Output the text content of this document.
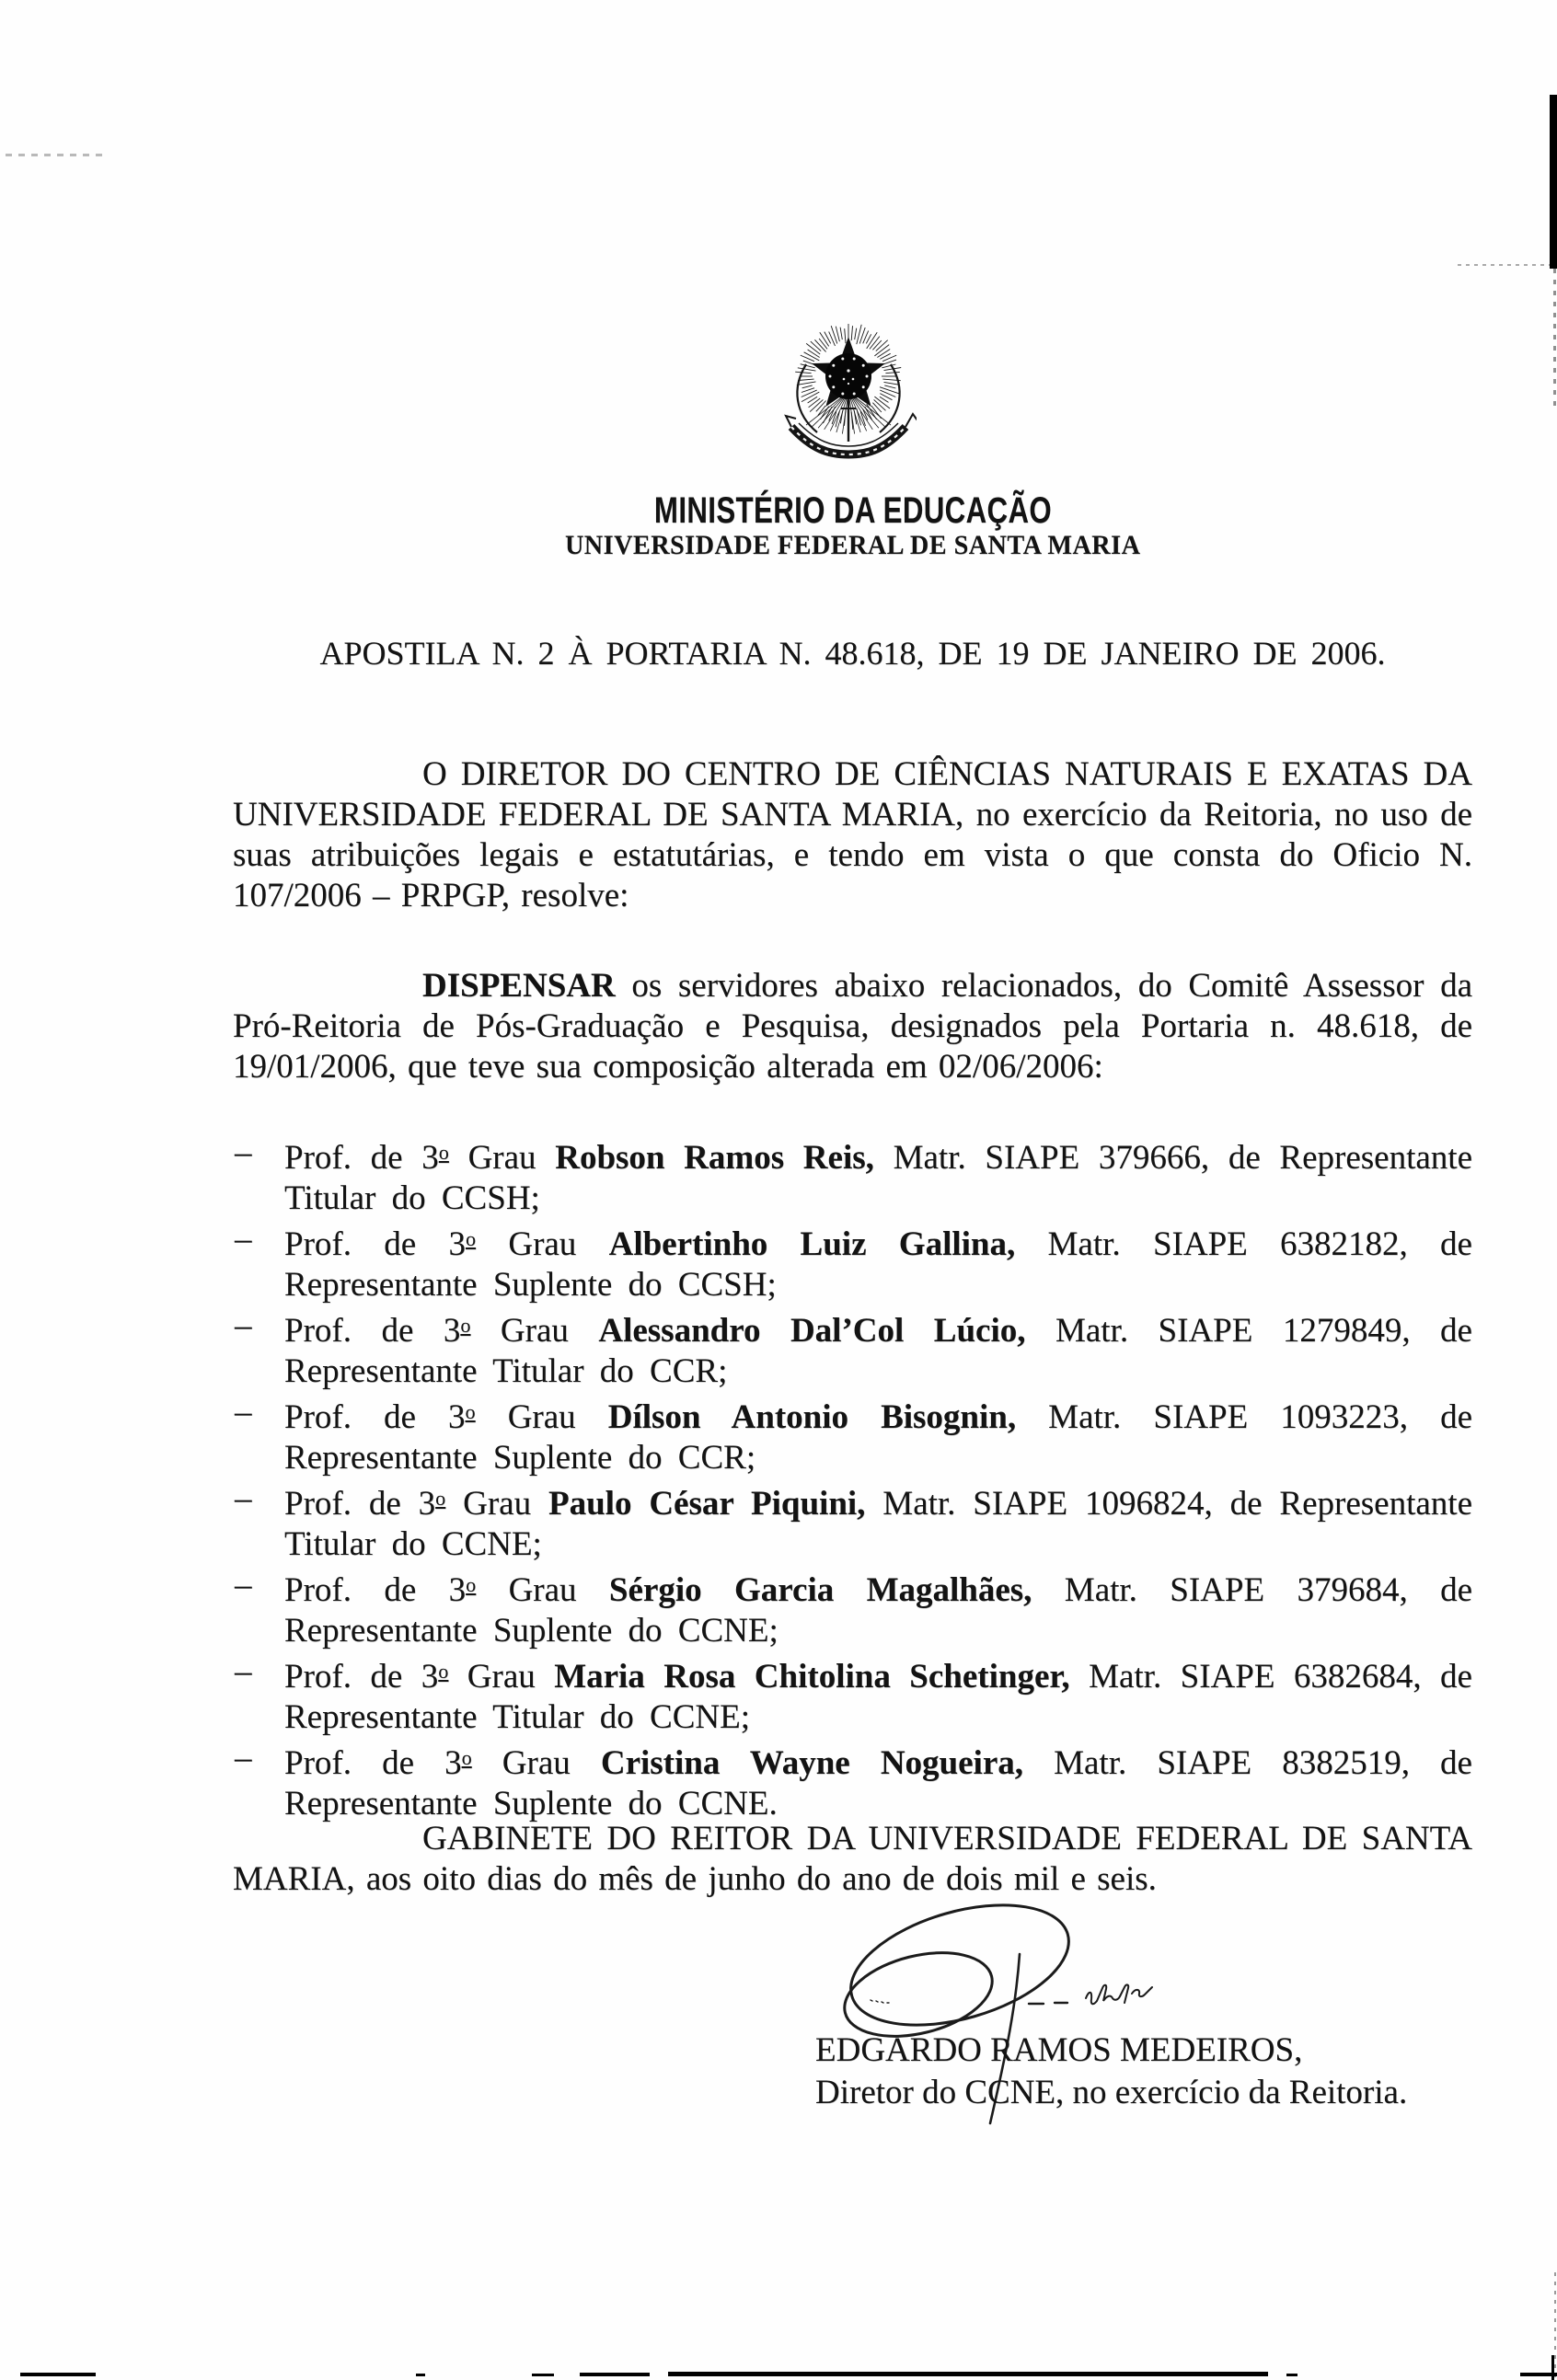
MINISTÉRIO DA EDUCAÇÃO
UNIVERSIDADE FEDERAL DE SANTA MARIA
APOSTILA N. 2 À PORTARIA N. 48.618, DE 19 DE JANEIRO DE 2006.

O DIRETOR DO CENTRO DE CIÊNCIAS NATURAIS E EXATAS DA UNIVERSIDADE FEDERAL DE SANTA MARIA, no exercício da Reitoria, no uso de suas atribuições legais e estatutárias, e tendo em vista o que consta do Oficio N. 107/2006 – PRPGP, resolve:

DISPENSAR os servidores abaixo relacionados, do Comitê Assessor da Pró-Reitoria de Pós-Graduação e Pesquisa, designados pela Portaria n. 48.618, de 19/01/2006, que teve sua composição alterada em 02/06/2006:

– Prof. de 3o Grau Robson Ramos Reis, Matr. SIAPE 379666, de Representante Titular do CCSH;
– Prof. de 3o Grau Albertinho Luiz Gallina, Matr. SIAPE 6382182, de Representante Suplente do CCSH;
– Prof. de 3o Grau Alessandro Dal’Col Lúcio, Matr. SIAPE 1279849, de Representante Titular do CCR;
– Prof. de 3o Grau Dílson Antonio Bisognin, Matr. SIAPE 1093223, de Representante Suplente do CCR;
– Prof. de 3o Grau Paulo César Piquini, Matr. SIAPE 1096824, de Representante Titular do CCNE;
– Prof. de 3o Grau Sérgio Garcia Magalhães, Matr. SIAPE 379684, de Representante Suplente do CCNE;
– Prof. de 3o Grau Maria Rosa Chitolina Schetinger, Matr. SIAPE 6382684, de Representante Titular do CCNE;
– Prof. de 3o Grau Cristina Wayne Nogueira, Matr. SIAPE 8382519, de Representante Suplente do CCNE.

GABINETE DO REITOR DA UNIVERSIDADE FEDERAL DE SANTA MARIA, aos oito dias do mês de junho do ano de dois mil e seis.

EDGARDO RAMOS MEDEIROS,
Diretor do CCNE, no exercício da Reitoria.
